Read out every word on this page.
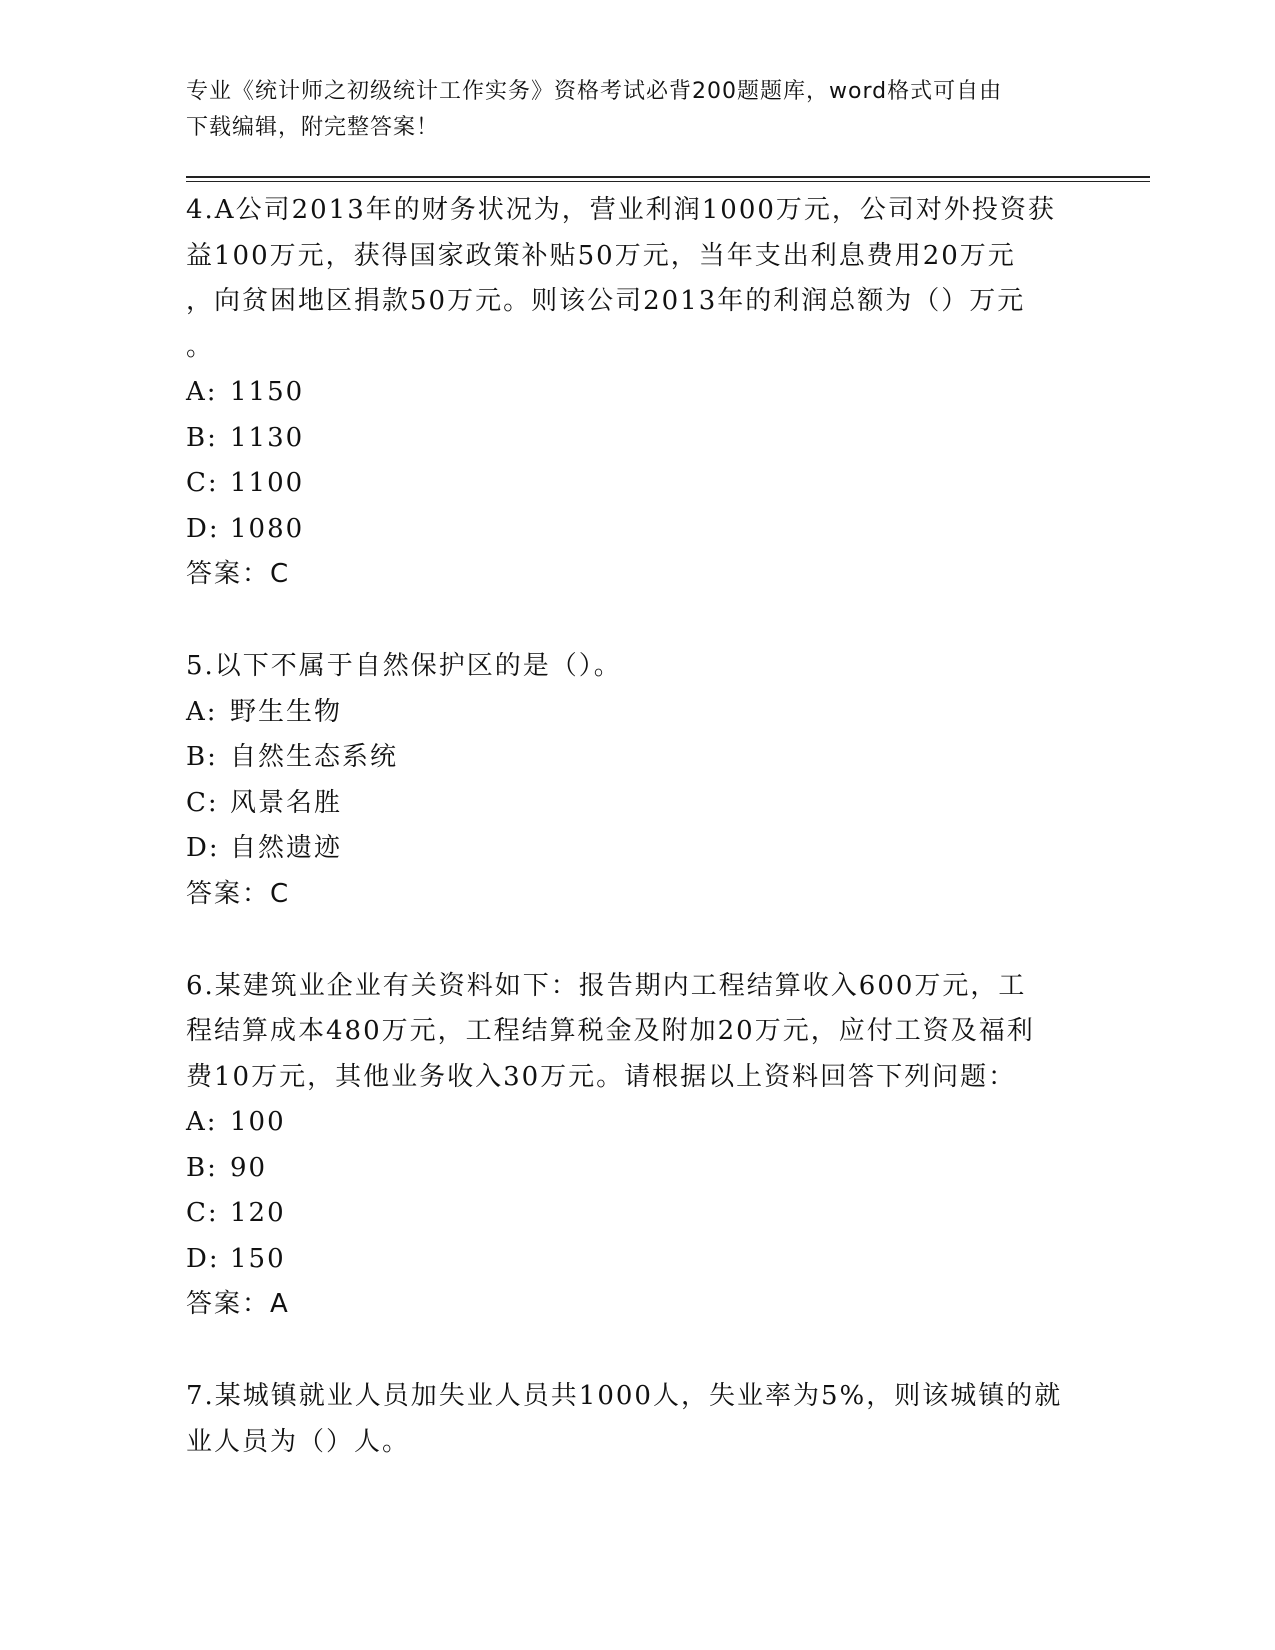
专业《统计师之初级统计工作实务》资格考试必背200题题库，word格式可自由
下载编辑，附完整答案！
4.A公司2013年的财务状况为，营业利润1000万元，公司对外投资获
益100万元，获得国家政策补贴50万元，当年支出利息费用20万元
，向贫困地区捐款50万元。则该公司2013年的利润总额为（）万元
。
A: 1150
B: 1130
C: 1100
D: 1080
答案：C
5.以下不属于自然保护区的是（）。
A: 野生生物
B: 自然生态系统
C: 风景名胜
D: 自然遗迹
答案：C
6.某建筑业企业有关资料如下：报告期内工程结算收入600万元，工
程结算成本480万元，工程结算税金及附加20万元，应付工资及福利
费10万元，其他业务收入30万元。请根据以上资料回答下列问题：
A: 100
B: 90
C: 120
D: 150
答案：A
7.某城镇就业人员加失业人员共1000人，失业率为5%，则该城镇的就
业人员为（）人。
